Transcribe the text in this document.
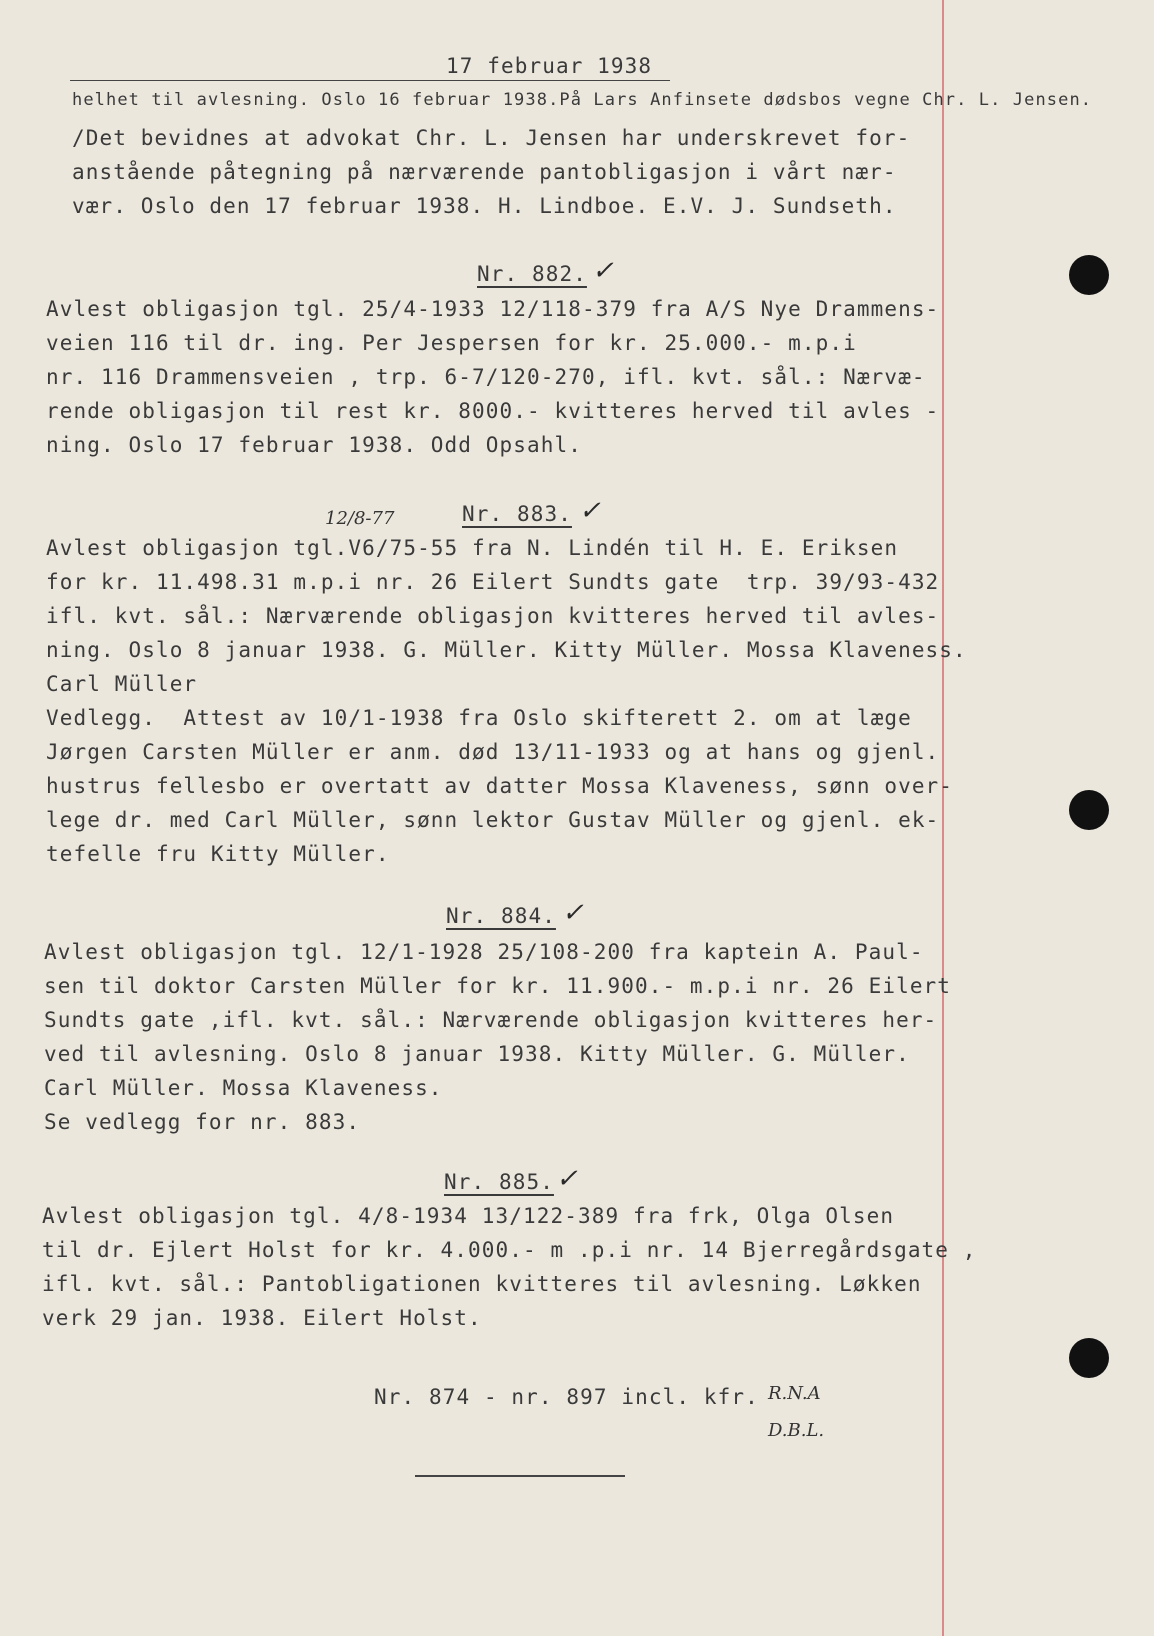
17 februar 1938
helhet til avlesning. Oslo 16 februar 1938.På Lars Anfinsete dødsbos vegne Chr. L. Jensen.
/Det bevidnes at advokat Chr. L. Jensen har underskrevet for-
anstående påtegning på nærværende pantobligasjon i vårt nær-
vær. Oslo den 17 februar 1938. H. Lindboe. E.V. J. Sundseth.
Nr. 882. ✓
Avlest obligasjon tgl. 25/4-1933 12/118-379 fra A/S Nye Drammens-
veien 116 til dr. ing. Per Jespersen for kr. 25.000.- m.p.i
nr. 116 Drammensveien , trp. 6-7/120-270, ifl. kvt. sål.: Nærvæ-
rende obligasjon til rest kr. 8000.- kvitteres herved til avles -
ning. Oslo 17 februar 1938. Odd Opsahl.
12/8-77	Nr. 883. ✓
Avlest obligasjon tgl.V6/75-55 fra N. Lindén til H. E. Eriksen
for kr. 11.498.31 m.p.i nr. 26 Eilert Sundts gate  trp. 39/93-432
ifl. kvt. sål.: Nærværende obligasjon kvitteres herved til avles-
ning. Oslo 8 januar 1938. G. Müller. Kitty Müller. Mossa Klaveness.
Carl Müller
Vedlegg.  Attest av 10/1-1938 fra Oslo skifterett 2. om at læge
Jørgen Carsten Müller er anm. død 13/11-1933 og at hans og gjenl.
hustrus fellesbo er overtatt av datter Mossa Klaveness, sønn over-
lege dr. med Carl Müller, sønn lektor Gustav Müller og gjenl. ek-
tefelle fru Kitty Müller.
Nr. 884. ✓
Avlest obligasjon tgl. 12/1-1928 25/108-200 fra kaptein A. Paul-
sen til doktor Carsten Müller for kr. 11.900.- m.p.i nr. 26 Eilert
Sundts gate ,ifl. kvt. sål.: Nærværende obligasjon kvitteres her-
ved til avlesning. Oslo 8 januar 1938. Kitty Müller. G. Müller.
Carl Müller. Mossa Klaveness.
Se vedlegg for nr. 883.
Nr. 885. ✓
Avlest obligasjon tgl. 4/8-1934 13/122-389 fra frk, Olga Olsen
til dr. Ejlert Holst for kr. 4.000.- m .p.i nr. 14 Bjerregårdsgate ,
ifl. kvt. sål.: Pantobligationen kvitteres til avlesning. Løkken
verk 29 jan. 1938. Eilert Holst.
Nr. 874 - nr. 897 incl. kfr. R.N.A
D.B.L.
